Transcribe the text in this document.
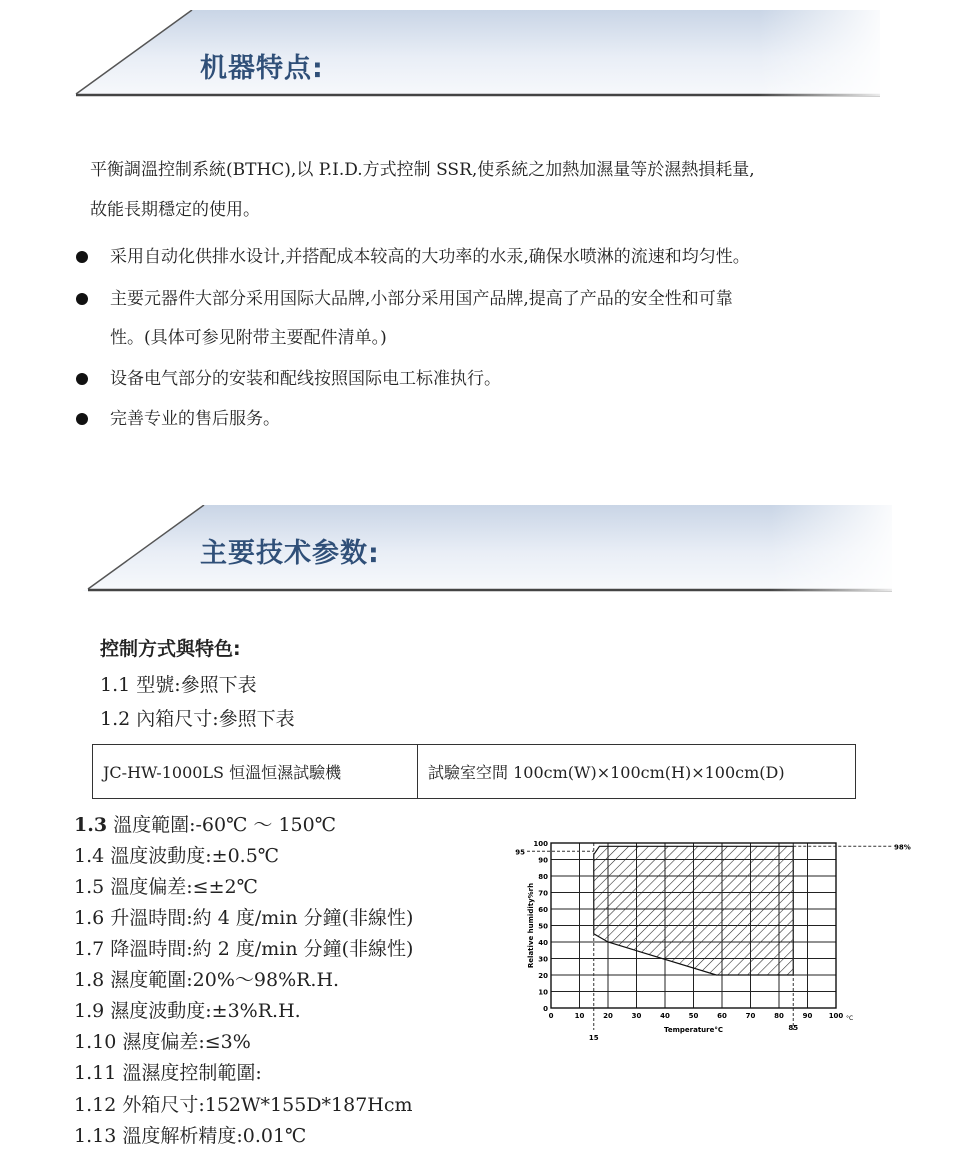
机器特点:
平衡調溫控制系統(BTHC),以 P.I.D.方式控制 SSR,使系統之加熱加濕量等於濕熱損耗量,
故能長期穩定的使用。
采用自动化供排水设计,并搭配成本较高的大功率的水汞,确保水喷淋的流速和均匀性。
主要元器件大部分采用国际大品牌,小部分采用国产品牌,提高了产品的安全性和可靠
性。(具体可参见附带主要配件清单。)
设备电气部分的安装和配线按照国际电工标准执行。
完善专业的售后服务。
主要技术参数:
控制方式與特色:
1.1 型號:參照下表
1.2 內箱尺寸:參照下表
JC-HW-1000LS 恒溫恒濕試驗機	試驗室空間 100cm(W)×100cm(H)×100cm(D)
1.3 溫度範圍:-60℃ ～ 150℃
1.4 溫度波動度:±0.5℃
1.5 溫度偏差:≤±2℃
1.6 升溫時間:約 4 度/min 分鐘(非線性)
1.7 降溫時間:約 2 度/min 分鐘(非線性)
1.8 濕度範圍:20%～98%R.H.
1.9 濕度波動度:±3%R.H.
1.10 濕度偏差:≤3%
1.11 溫濕度控制範圍:
1.12 外箱尺寸:152W*155D*187Hcm
1.13 溫度解析精度:0.01℃
0
10
20
30
40
50
60
70
80
90
100
95
0	10	20	30	40	50	60	70	80	90 100 °C
15
85
Temperature°C
Relative humidity%rh
98%
